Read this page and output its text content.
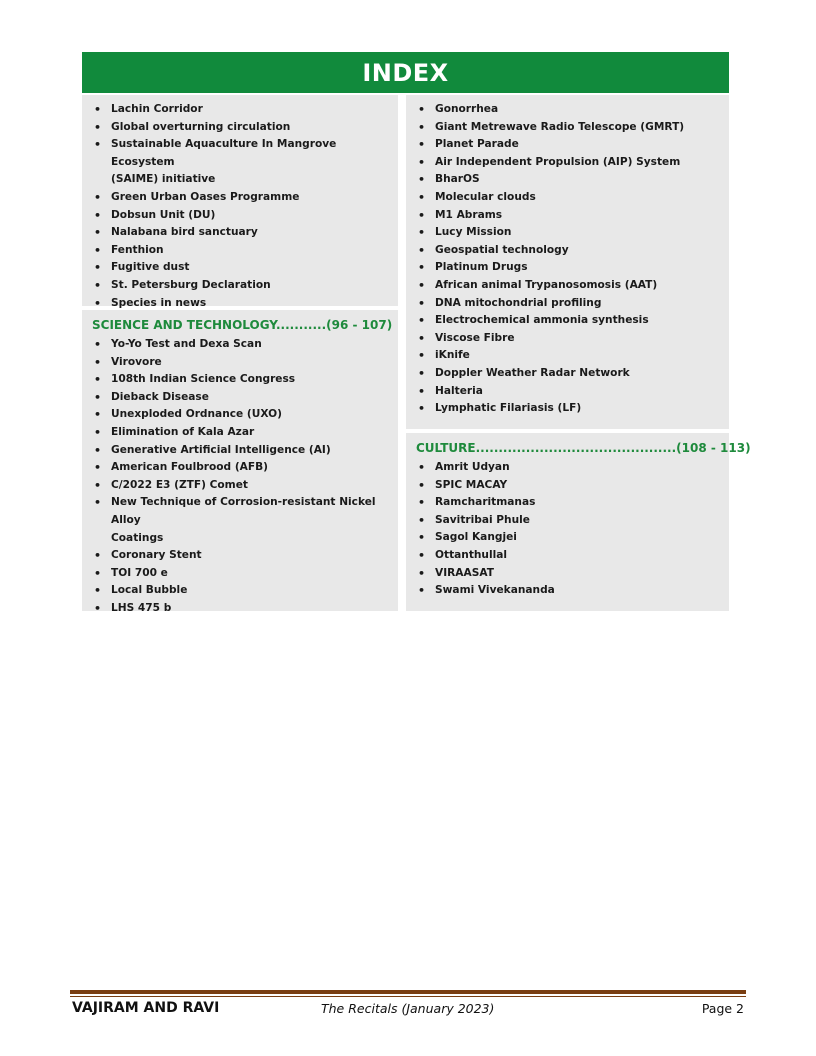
INDEX
• Lachin Corridor
• Global overturning circulation
• Sustainable Aquaculture In Mangrove Ecosystem
(SAIME) initiative
• Green Urban Oases Programme
• Dobsun Unit (DU)
• Nalabana bird sanctuary
• Fenthion
• Fugitive dust
• St. Petersburg Declaration
• Species in news
SCIENCE AND TECHNOLOGY...........(96 - 107)
• Yo-Yo Test and Dexa Scan
• Virovore
• 108th Indian Science Congress
• Dieback Disease
• Unexploded Ordnance (UXO)
• Elimination of Kala Azar
• Generative Artificial Intelligence (AI)
• American Foulbrood (AFB)
• C/2022 E3 (ZTF) Comet
• New Technique of Corrosion-resistant Nickel Alloy
Coatings
• Coronary Stent
• TOI 700 e
• Local Bubble
• LHS 475 b
• Gonorrhea
• Giant Metrewave Radio Telescope (GMRT)
• Planet Parade
• Air Independent Propulsion (AIP) System
• BharOS
• Molecular clouds
• M1 Abrams
• Lucy Mission
• Geospatial technology
• Platinum Drugs
• African animal Trypanosomosis (AAT)
• DNA mitochondrial profiling
• Electrochemical ammonia synthesis
• Viscose Fibre
• iKnife
• Doppler Weather Radar Network
• Halteria
• Lymphatic Filariasis (LF)
CULTURE............................................(108 - 113)
• Amrit Udyan
• SPIC MACAY
• Ramcharitmanas
• Savitribai Phule
• Sagol Kangjei
• Ottanthullal
• VIRAASAT
• Swami Vivekananda
VAJIRAM AND RAVI	The Recitals (January 2023)	Page 2
